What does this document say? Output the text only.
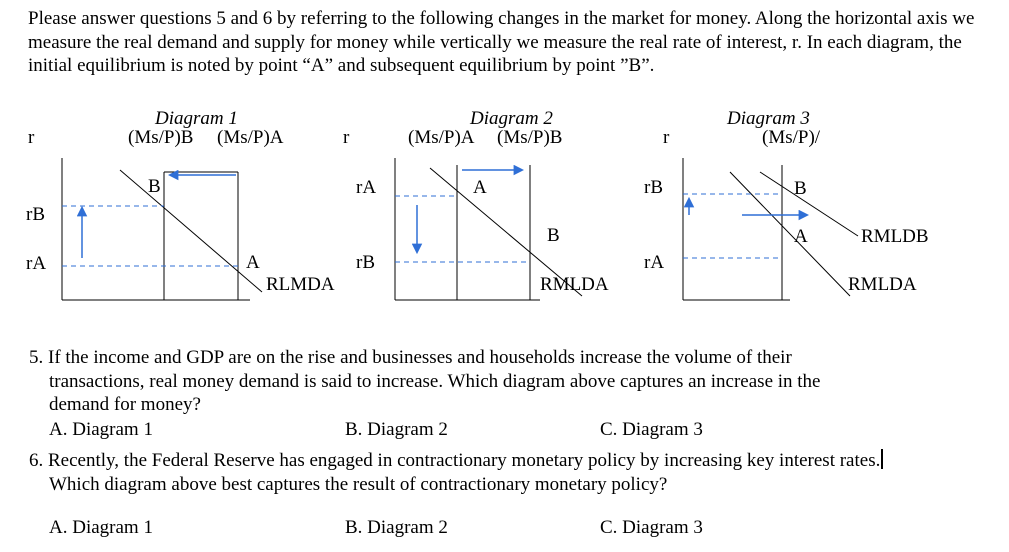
Please answer questions 5 and 6 by referring to the following changes in the market for money. Along the horizontal axis we measure the real demand and supply for money while vertically we measure the real rate of interest, r. In each diagram, the initial equilibrium is noted by point “A” and subsequent equilibrium by point ”B”.

Diagram 1
(Ms/P)B (Ms/P)A
r
rB
rA
B
A
RLMDA
Diagram 2
(Ms/P)A (Ms/P)B
r
rA
rB
A
B
RMLDA
Diagram 3
(Ms/P)/
r
rB
rA
B
A	RMLDB
RMLDA
5. If the income and GDP are on the rise and businesses and households increase the volume of their
transactions, real money demand is said to increase. Which diagram above captures an increase in the
demand for money?
A. Diagram 1	B. Diagram 2	C. Diagram 3
6. Recently, the Federal Reserve has engaged in contractionary monetary policy by increasing key interest rates.
Which diagram above best captures the result of contractionary monetary policy?
A. Diagram 1	B. Diagram 2	C. Diagram 3
